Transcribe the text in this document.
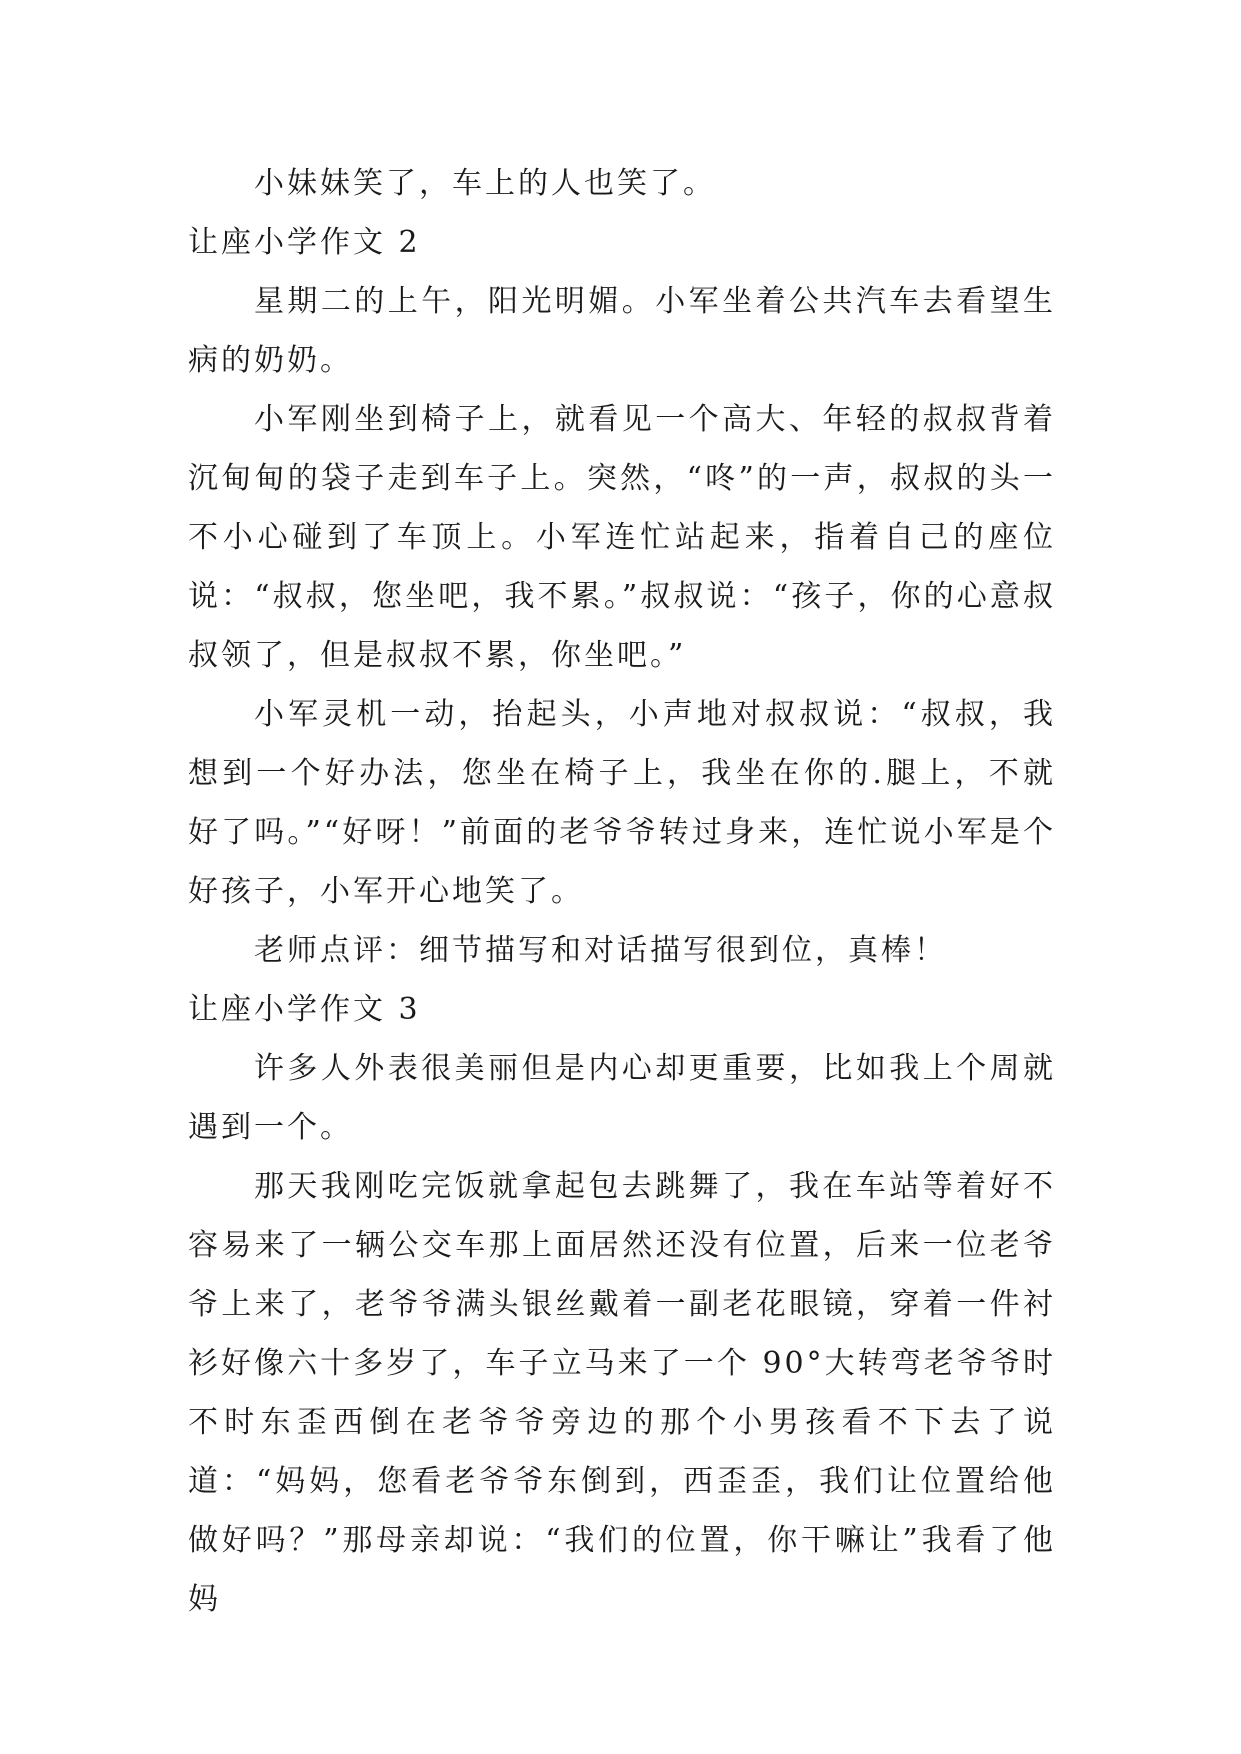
小妹妹笑了，车上的人也笑了。

让座小学作文 2

星期二的上午，阳光明媚。小军坐着公共汽车去看望生病的奶奶。

小军刚坐到椅子上，就看见一个高大、年轻的叔叔背着沉甸甸的袋子走到车子上。突然，“咚”的一声，叔叔的头一不小心碰到了车顶上。小军连忙站起来，指着自己的座位说：“叔叔，您坐吧，我不累。”叔叔说：“孩子，你的心意叔叔领了，但是叔叔不累，你坐吧。”

小军灵机一动，抬起头，小声地对叔叔说：“叔叔，我想到一个好办法，您坐在椅子上，我坐在你的.腿上，不就好了吗。”“好呀！”前面的老爷爷转过身来，连忙说小军是个好孩子，小军开心地笑了。

老师点评：细节描写和对话描写很到位，真棒！

让座小学作文 3

许多人外表很美丽但是内心却更重要，比如我上个周就遇到一个。

那天我刚吃完饭就拿起包去跳舞了，我在车站等着好不容易来了一辆公交车那上面居然还没有位置，后来一位老爷爷上来了，老爷爷满头银丝戴着一副老花眼镜，穿着一件衬衫好像六十多岁了，车子立马来了一个 90°大转弯老爷爷时不时东歪西倒在老爷爷旁边的那个小男孩看不下去了说道：“妈妈，您看老爷爷东倒到，西歪歪，我们让位置给他做好吗？”那母亲却说：“我们的位置，你干嘛让”我看了他妈
